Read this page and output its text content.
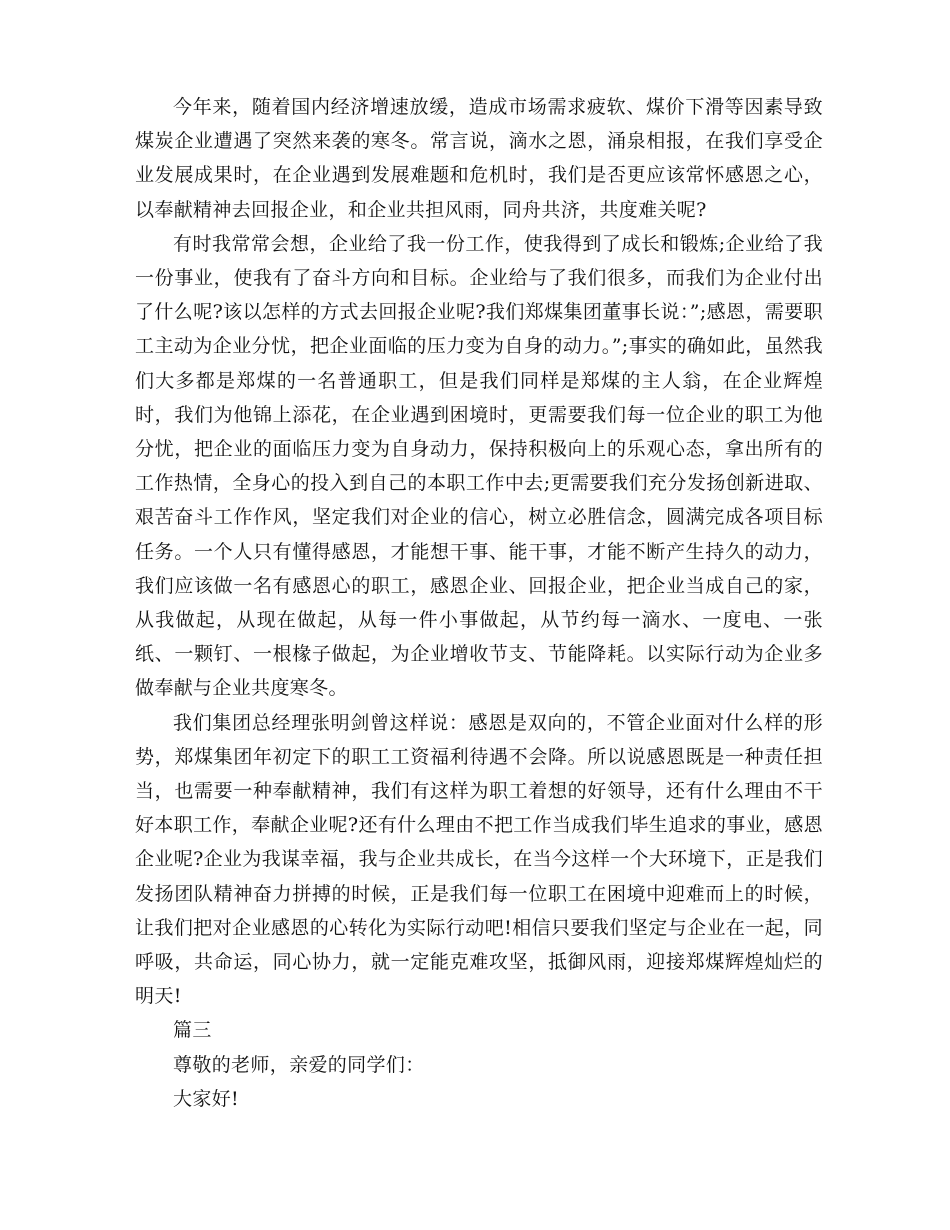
今年来，随着国内经济增速放缓，造成市场需求疲软、煤价下滑等因素导致煤炭企业遭遇了突然来袭的寒冬。常言说，滴水之恩，涌泉相报，在我们享受企业发展成果时，在企业遇到发展难题和危机时，我们是否更应该常怀感恩之心，以奉献精神去回报企业，和企业共担风雨，同舟共济，共度难关呢?

有时我常常会想，企业给了我一份工作，使我得到了成长和锻炼;企业给了我一份事业，使我有了奋斗方向和目标。企业给与了我们很多，而我们为企业付出了什么呢?该以怎样的方式去回报企业呢?我们郑煤集团董事长说：”;感恩，需要职工主动为企业分忧，把企业面临的压力变为自身的动力。”;事实的确如此，虽然我们大多都是郑煤的一名普通职工，但是我们同样是郑煤的主人翁，在企业辉煌时，我们为他锦上添花，在企业遇到困境时，更需要我们每一位企业的职工为他分忧，把企业的面临压力变为自身动力，保持积极向上的乐观心态，拿出所有的工作热情，全身心的投入到自己的本职工作中去;更需要我们充分发扬创新进取、艰苦奋斗工作作风，坚定我们对企业的信心，树立必胜信念，圆满完成各项目标任务。一个人只有懂得感恩，才能想干事、能干事，才能不断产生持久的动力，我们应该做一名有感恩心的职工，感恩企业、回报企业，把企业当成自己的家，从我做起，从现在做起，从每一件小事做起，从节约每一滴水、一度电、一张纸、一颗钉、一根椽子做起，为企业增收节支、节能降耗。以实际行动为企业多做奉献与企业共度寒冬。

我们集团总经理张明剑曾这样说：感恩是双向的，不管企业面对什么样的形势，郑煤集团年初定下的职工工资福利待遇不会降。所以说感恩既是一种责任担当，也需要一种奉献精神，我们有这样为职工着想的好领导，还有什么理由不干好本职工作，奉献企业呢?还有什么理由不把工作当成我们毕生追求的事业，感恩企业呢?企业为我谋幸福，我与企业共成长，在当今这样一个大环境下，正是我们发扬团队精神奋力拼搏的时候，正是我们每一位职工在困境中迎难而上的时候，让我们把对企业感恩的心转化为实际行动吧!相信只要我们坚定与企业在一起，同呼吸，共命运，同心协力，就一定能克难攻坚，抵御风雨，迎接郑煤辉煌灿烂的明天!

篇三

尊敬的老师，亲爱的同学们：

大家好!
